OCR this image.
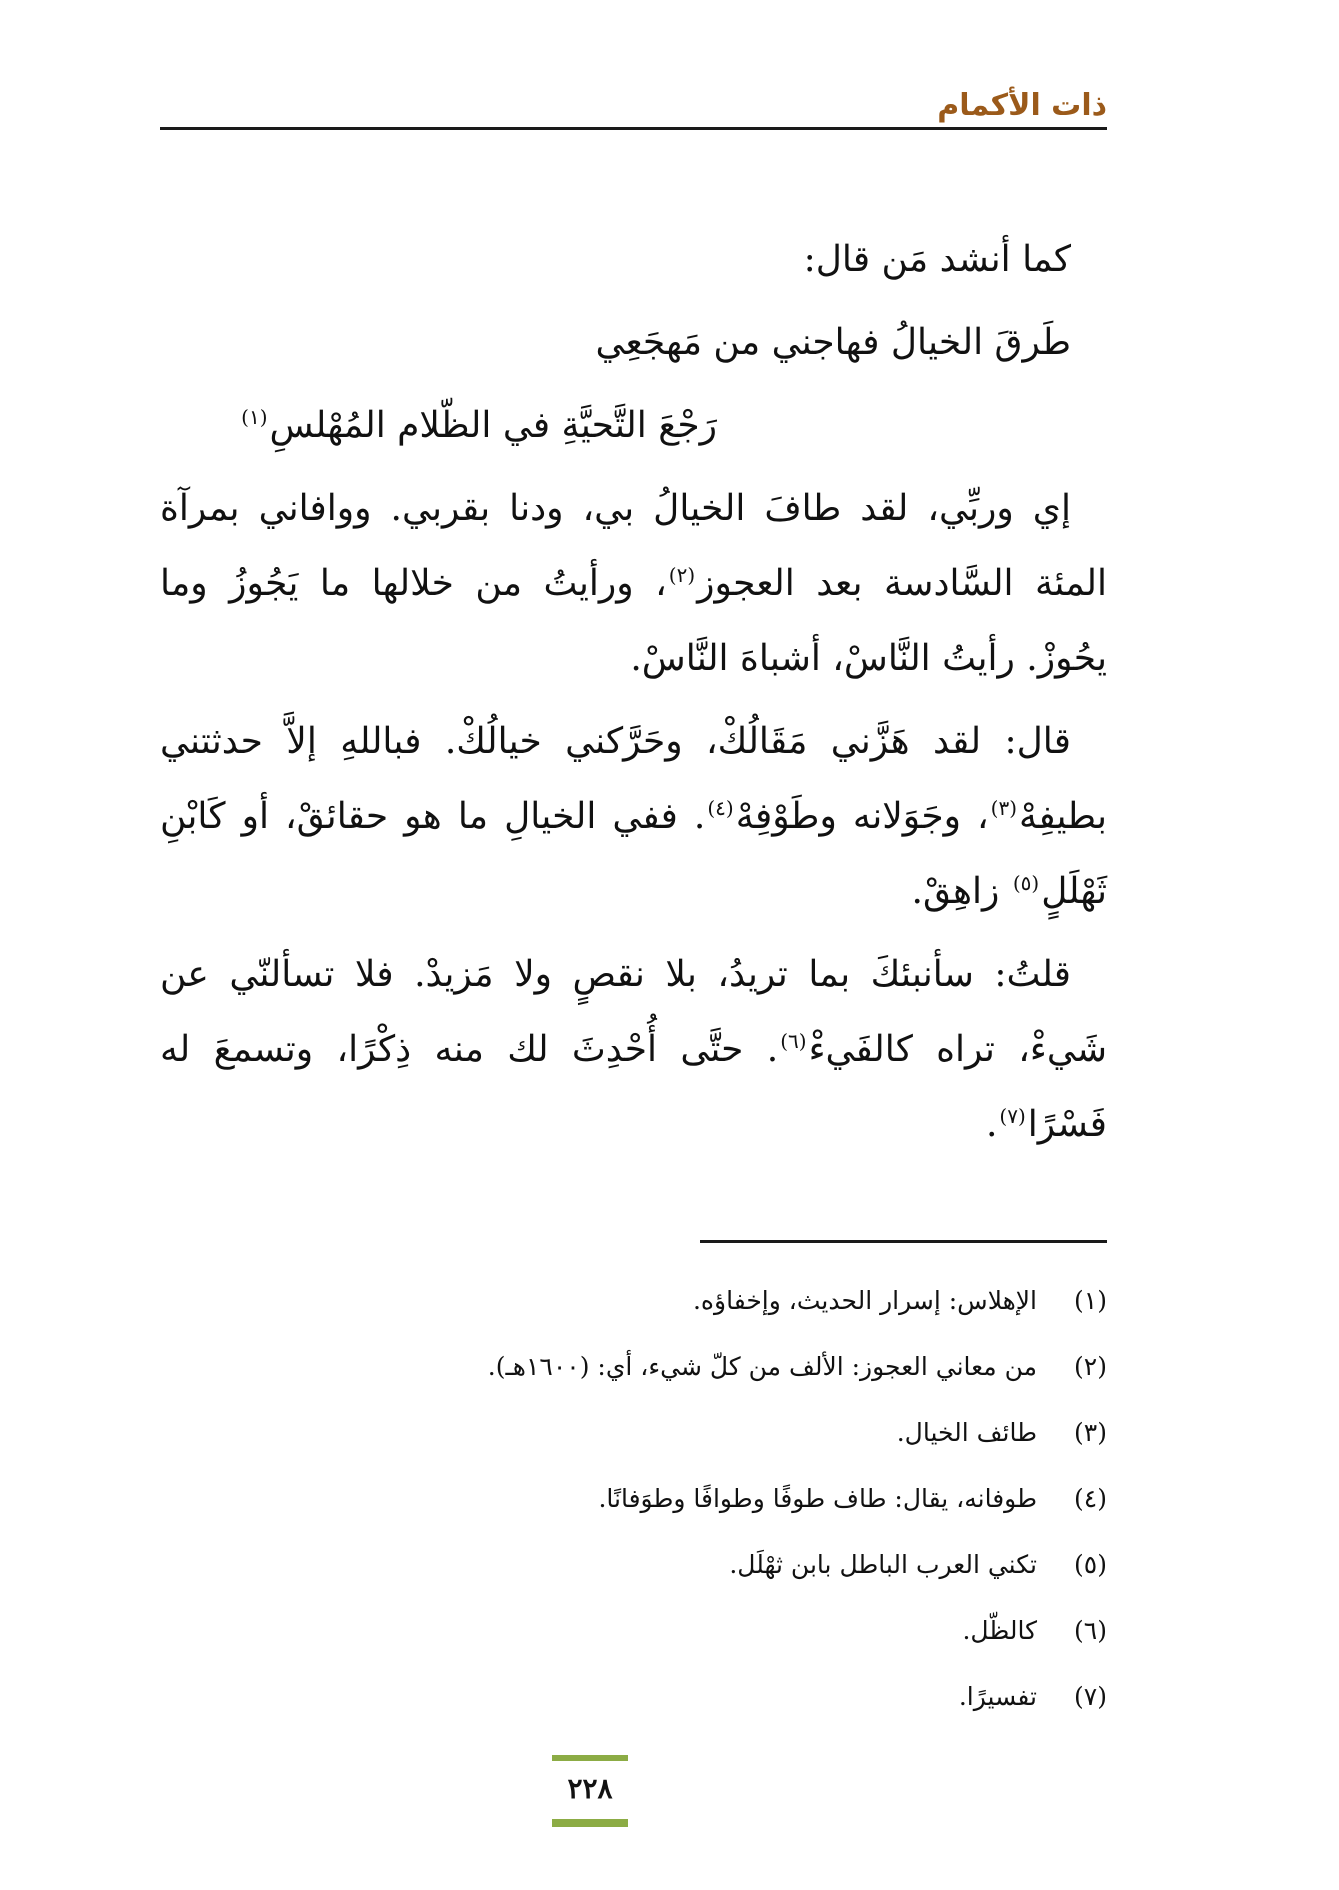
ذات الأكمام

كما أنشد مَن قال:

طَرقَ الخيالُ فهاجني من مَهجَعِي

رَجْعَ التَّحيَّةِ في الظّلام المُهْلسِ$^{(١)}$

إي وربِّي، لقد طافَ الخيالُ بي، ودنا بقربي. ووافاني بمرآة المئة السَّادسة بعد العجوز$^{(٢)}$، ورأيتُ من خلالها ما يَجُوزُ وما يحُوزْ. رأيتُ النَّاسْ، أشباهَ النَّاسْ.

قال: لقد هَزَّني مَقَالُكْ، وحَرَّكني خيالُكْ. فباللهِ إلاَّ حدثتني بطيفِهْ$^{(٣)}$، وجَوَلانه وطَوْفِهْ$^{(٤)}$. ففي الخيالِ ما هو حقائقْ، أو كَابْنِ ثَهْلَلٍ$^{(٥)}$ زاهِقْ.

قلتُ: سأنبئكَ بما تريدُ، بلا نقصٍ ولا مَزيدْ. فلا تسألنّي عن شَيءْ، تراه كالفَيءْ$^{(٦)}$. حتَّى أُحْدِثَ لك منه ذِكْرًا، وتسمعَ له فَسْرًا$^{(٧)}$.

(١)الإهلاس: إسرار الحديث، وإخفاؤه.
(٢)من معاني العجوز: الألف من كلّ شيء، أي: (١٦٠٠هـ).
(٣)طائف الخيال.
(٤)طوفانه، يقال: طاف طوفًا وطوافًا وطوَفانًا.
(٥)تكني العرب الباطل بابن ثهْلَل.
(٦)كالظّل.
(٧)تفسيرًا.
٢٢٨
